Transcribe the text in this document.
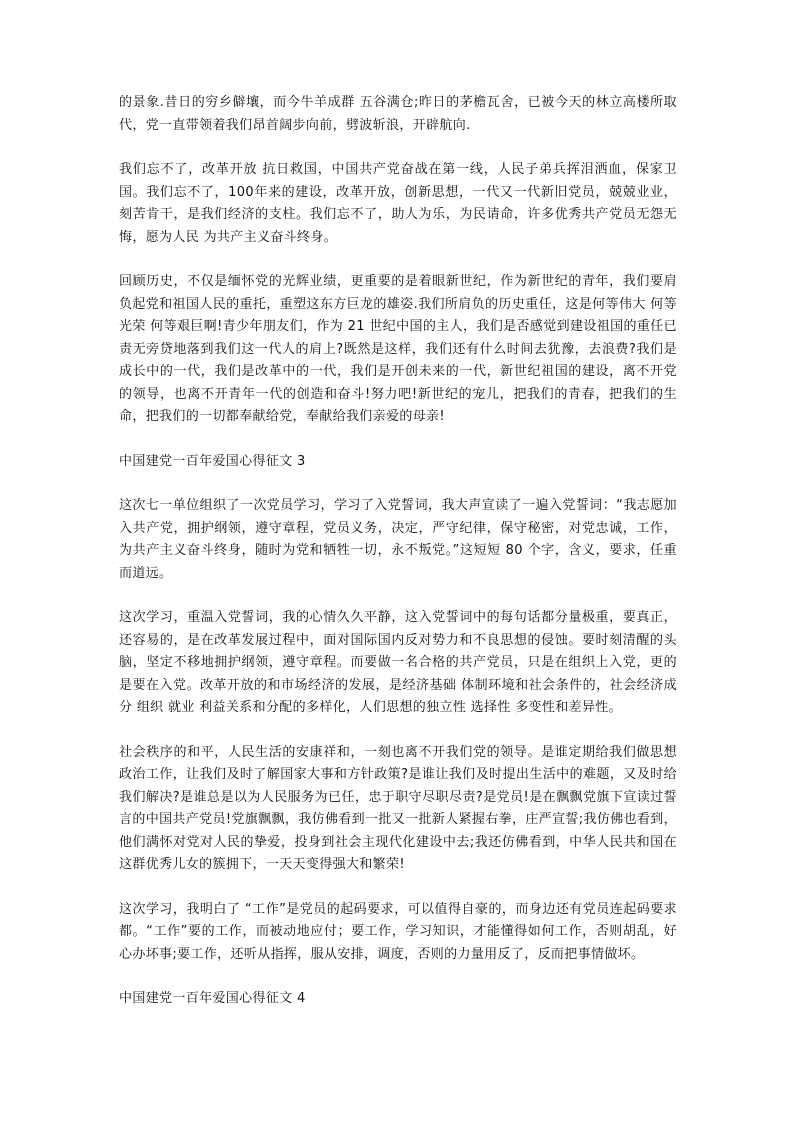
的景象.昔日的穷乡僻壤，而今牛羊成群 五谷满仓;昨日的茅檐瓦舍，已被今天的林立高楼所取代，党一直带领着我们昂首阔步向前，劈波斩浪，开辟航向.

我们忘不了，改革开放 抗日救国，中国共产党奋战在第一线，人民子弟兵挥泪洒血，保家卫国。我们忘不了，100年来的建设，改革开放，创新思想，一代又一代新旧党员，兢兢业业，刻苦肯干，是我们经济的支柱。我们忘不了，助人为乐，为民请命，许多优秀共产党员无怨无悔，愿为人民 为共产主义奋斗终身。

回顾历史，不仅是缅怀党的光辉业绩，更重要的是着眼新世纪，作为新世纪的青年，我们要肩负起党和祖国人民的重托，重塑这东方巨龙的雄姿.我们所肩负的历史重任，这是何等伟大 何等光荣 何等艰巨啊!青少年朋友们，作为 21 世纪中国的主人，我们是否感觉到建设祖国的重任已责无旁贷地落到我们这一代人的肩上?既然是这样，我们还有什么时间去犹豫，去浪费?我们是成长中的一代，我们是改革中的一代，我们是开创未来的一代，新世纪祖国的建设，离不开党的领导，也离不开青年一代的创造和奋斗!努力吧!新世纪的宠儿，把我们的青春，把我们的生命，把我们的一切都奉献给党，奉献给我们亲爱的母亲!

中国建党一百年爱国心得征文 3

这次七一单位组织了一次党员学习，学习了入党誓词，我大声宣读了一遍入党誓词：“我志愿加入共产党，拥护纲领，遵守章程，党员义务，决定，严守纪律，保守秘密，对党忠诚，工作，为共产主义奋斗终身，随时为党和牺牲一切，永不叛党。”这短短 80 个字，含义，要求，任重而道远。

这次学习，重温入党誓词，我的心情久久平静，这入党誓词中的每句话都分量极重，要真正，还容易的，是在改革发展过程中，面对国际国内反对势力和不良思想的侵蚀。要时刻清醒的头脑，坚定不移地拥护纲领，遵守章程。而要做一名合格的共产党员，只是在组织上入党，更的是要在入党。改革开放的和市场经济的发展，是经济基础 体制环境和社会条件的，社会经济成分 组织 就业 利益关系和分配的多样化，人们思想的独立性 选择性 多变性和差异性。

社会秩序的和平，人民生活的安康祥和，一刻也离不开我们党的领导。是谁定期给我们做思想政治工作，让我们及时了解国家大事和方针政策?是谁让我们及时提出生活中的难题，又及时给我们解决?是谁总是以为人民服务为已任，忠于职守尽职尽责?是党员!是在飘飘党旗下宣读过誓言的中国共产党员!党旗飘飘，我仿佛看到一批又一批新人紧握右拳，庄严宣誓;我仿佛也看到，他们满怀对党对人民的挚爱，投身到社会主现代化建设中去;我还仿佛看到，中华人民共和国在这群优秀儿女的簇拥下，一天天变得强大和繁荣!

这次学习，我明白了 “工作”是党员的起码要求，可以值得自豪的，而身边还有党员连起码要求都。“工作”要的工作，而被动地应付；要工作，学习知识，才能懂得如何工作，否则胡乱，好心办坏事;要工作，还听从指挥，服从安排，调度，否则的力量用反了，反而把事情做坏。

中国建党一百年爱国心得征文 4
